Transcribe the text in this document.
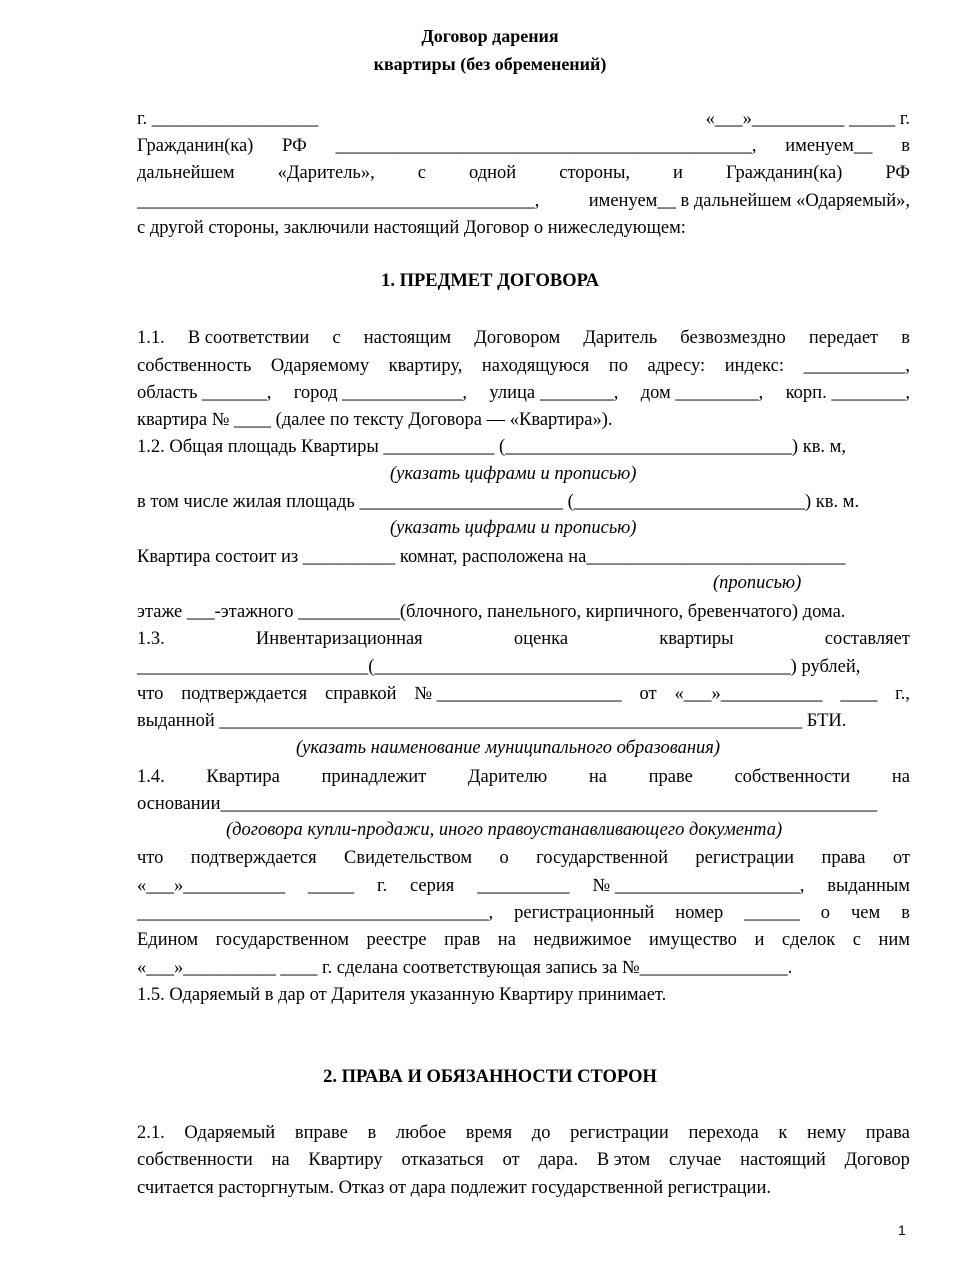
Договор дарения
квартиры (без обременений)
г. __________________	«___»__________ _____ г.
Гражданин(ка) РФ _____________________________________________, именуем__ в
дальнейшем «Даритель», с одной стороны, и Гражданин(ка) РФ
___________________________________________,	именуем__ в дальнейшем «Одаряемый»,
с другой стороны, заключили настоящий Договор о нижеследующем:
1. ПРЕДМЕТ ДОГОВОРА
1.1. В соответствии с настоящим Договором Даритель безвозмездно передает в
собственность Одаряемому квартиру, находящуюся по адресу: индекс: ___________,
область _______, город _____________, улица ________, дом _________, корп. ________,
квартира № ____ (далее по тексту Договора — «Квартира»).
1.2. Общая площадь Квартиры ____________ (_______________________________) кв. м,
в том числе жилая площадь ______________________ (_________________________) кв. м.
Квартира состоит из __________ комнат, расположена на____________________________
этаже ___-этажного ___________(блочного, панельного, кирпичного, бревенчатого) дома.
1.3.	Инвентаризационная	оценка	квартиры	составляет
_________________________(_____________________________________________) рублей,
что подтверждается справкой № ____________________ от «___»___________ ____ г.,
выданной _______________________________________________________________ БТИ.
1.4. Квартира принадлежит Дарителю на праве собственности на
основании_______________________________________________________________________
что подтверждается Свидетельством о государственной регистрации права от
«___»___________ _____ г. серия __________ № ____________________, выданным
______________________________________, регистрационный номер ______ о чем в
Едином государственном реестре прав на недвижимое имущество и сделок с ним
«___»__________ ____ г. сделана соответствующая запись за №________________.
1.5. Одаряемый в дар от Дарителя указанную Квартиру принимает.
(указать цифрами и прописью)
(указать цифрами и прописью)
(прописью)
(указать наименование муниципального образования)
(договора купли-продажи, иного правоустанавливающего документа)
2. ПРАВА И ОБЯЗАННОСТИ СТОРОН
2.1. Одаряемый вправе в любое время до регистрации перехода к нему права
собственности на Квартиру отказаться от дара. В этом случае настоящий Договор
считается расторгнутым. Отказ от дара подлежит государственной регистрации.
1
